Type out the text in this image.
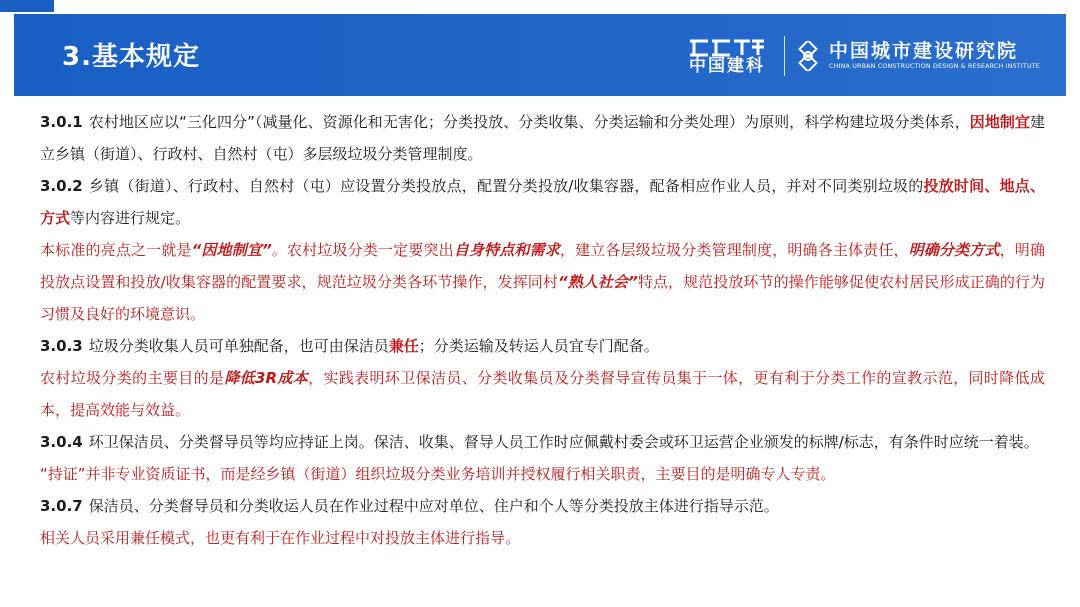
3.基本规定	中国建科
中国城市建设研究院
CHINA URBAN CONSTRUCTION DESIGN & RESEARCH INSTITUTE

3.0.1 农村地区应以“三化四分”（减量化、资源化和无害化；分类投放、分类收集、分类运输和分类处理）为原则，科学构建垃圾分类体系，因地制宜建立乡镇（街道）、行政村、自然村（屯）多层级垃圾分类管理制度。

3.0.2 乡镇（街道）、行政村、自然村（屯）应设置分类投放点，配置分类投放/收集容器，配备相应作业人员，并对不同类别垃圾的投放时间、地点、方式等内容进行规定。

本标准的亮点之一就是“因地制宜”。农村垃圾分类一定要突出自身特点和需求，建立各层级垃圾分类管理制度，明确各主体责任，明确分类方式，明确投放点设置和投放/收集容器的配置要求，规范垃圾分类各环节操作，发挥同村“熟人社会”特点，规范投放环节的操作能够促使农村居民形成正确的行为习惯及良好的环境意识。

3.0.3 垃圾分类收集人员可单独配备，也可由保洁员兼任；分类运输及转运人员宜专门配备。

农村垃圾分类的主要目的是降低3R成本，实践表明环卫保洁员、分类收集员及分类督导宣传员集于一体，更有利于分类工作的宣教示范，同时降低成本，提高效能与效益。

3.0.4 环卫保洁员、分类督导员等均应持证上岗。保洁、收集、督导人员工作时应佩戴村委会或环卫运营企业颁发的标牌/标志，有条件时应统一着装。

“持证”并非专业资质证书，而是经乡镇（街道）组织垃圾分类业务培训并授权履行相关职责，主要目的是明确专人专责。

3.0.7 保洁员、分类督导员和分类收运人员在作业过程中应对单位、住户和个人等分类投放主体进行指导示范。

相关人员采用兼任模式，也更有利于在作业过程中对投放主体进行指导。
